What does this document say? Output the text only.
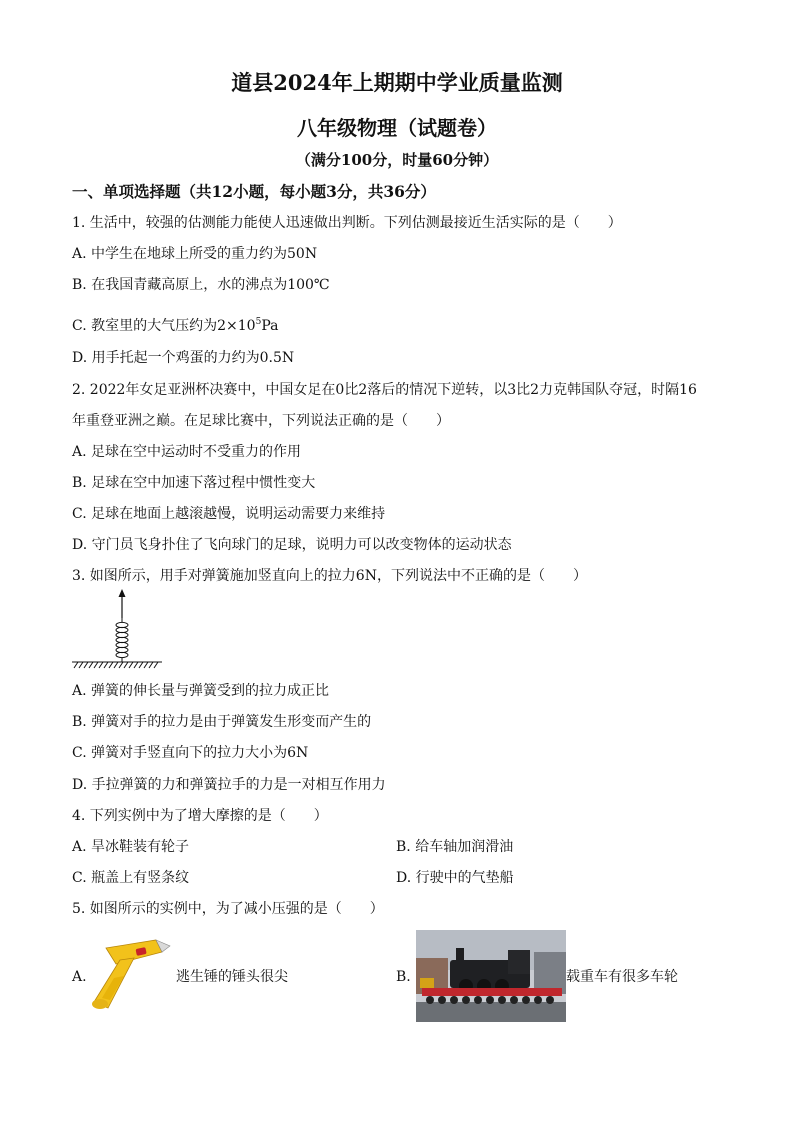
道县2024年上期期中学业质量监测
八年级物理（试题卷）
（满分100分，时量60分钟）
一、单项选择题（共12小题，每小题3分，共36分）
1. 生活中，较强的估测能力能使人迅速做出判断。下列估测最接近生活实际的是（　　）
A. 中学生在地球上所受的重力约为50N
B. 在我国青藏高原上，水的沸点为100℃
C. 教室里的大气压约为$2\times 10^5Pa$
D. 用手托起一个鸡蛋的力约为0.5N
2. 2022年女足亚洲杯决赛中，中国女足在0比2落后的情况下逆转，以3比2力克韩国队夺冠，时隔16
年重登亚洲之巅。在足球比赛中，下列说法正确的是（　　）
A. 足球在空中运动时不受重力的作用
B. 足球在空中加速下落过程中惯性变大
C. 足球在地面上越滚越慢，说明运动需要力来维持
D. 守门员飞身扑住了飞向球门的足球，说明力可以改变物体的运动状态
3. 如图所示，用手对弹簧施加竖直向上的拉力6N，下列说法中不正确的是（　　）
A. 弹簧的伸长量与弹簧受到的拉力成正比
B. 弹簧对手的拉力是由于弹簧发生形变而产生的
C. 弹簧对手竖直向下的拉力大小为6N
D. 手拉弹簧的力和弹簧拉手的力是一对相互作用力
4. 下列实例中为了增大摩擦的是（　　）
A. 旱冰鞋装有轮子	B. 给车轴加润滑油
C. 瓶盖上有竖条纹	D. 行驶中的气垫船
5. 如图所示的实例中，为了减小压强的是（　　）
A.	逃生锤的锤头很尖	B.	载重车有很多车轮
